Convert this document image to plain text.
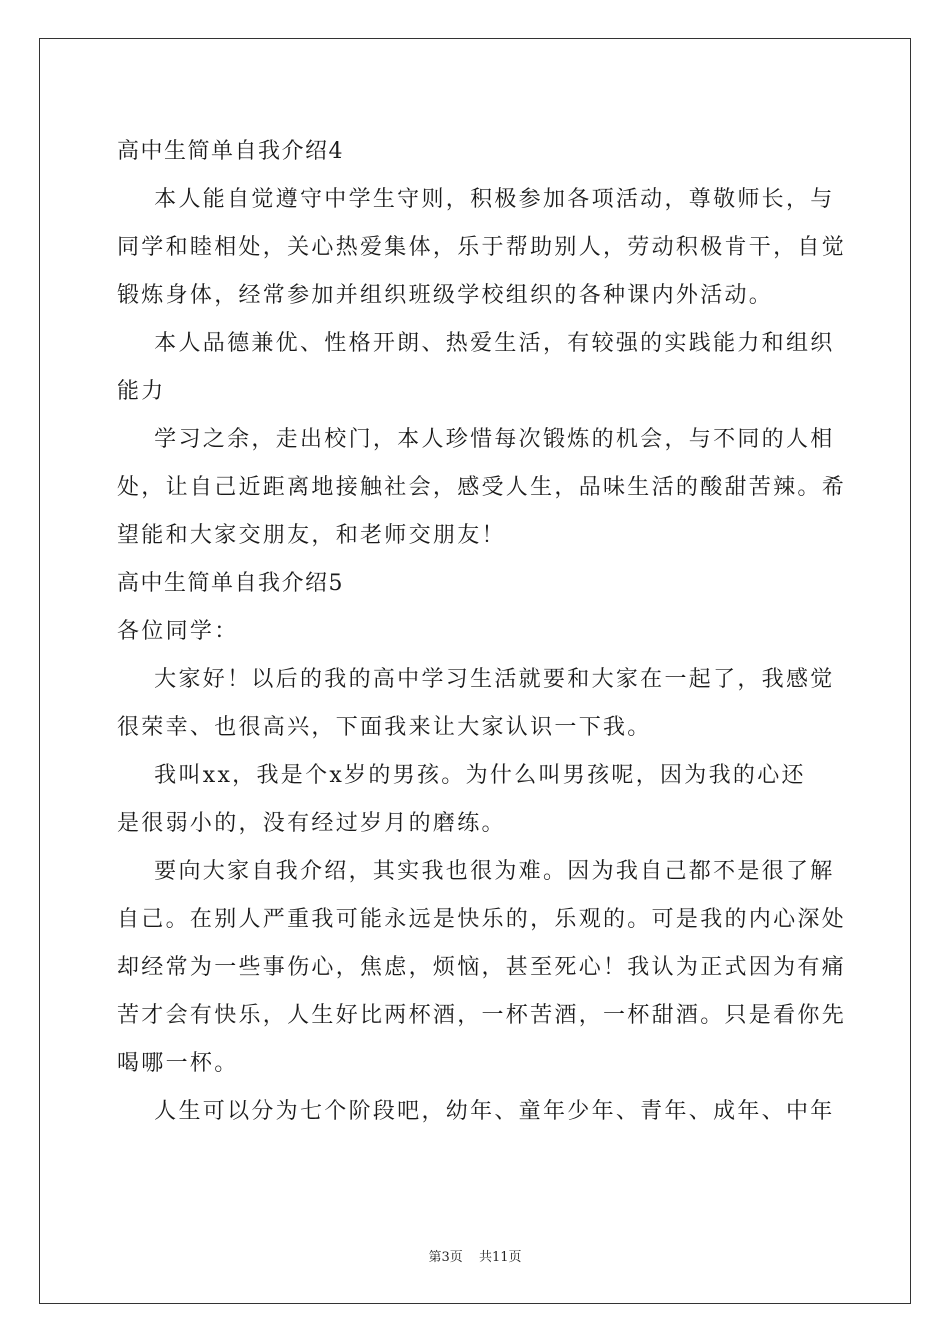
高中生简单自我介绍4
本人能自觉遵守中学生守则，积极参加各项活动，尊敬师长，与
同学和睦相处，关心热爱集体，乐于帮助别人，劳动积极肯干，自觉
锻炼身体，经常参加并组织班级学校组织的各种课内外活动。
本人品德兼优、性格开朗、热爱生活，有较强的实践能力和组织
能力
学习之余，走出校门，本人珍惜每次锻炼的机会，与不同的人相
处，让自己近距离地接触社会，感受人生，品味生活的酸甜苦辣。希
望能和大家交朋友，和老师交朋友！
高中生简单自我介绍5
各位同学：
大家好！以后的我的高中学习生活就要和大家在一起了，我感觉
很荣幸、也很高兴，下面我来让大家认识一下我。
我叫xx，我是个x岁的男孩。为什么叫男孩呢，因为我的心还
是很弱小的，没有经过岁月的磨练。
要向大家自我介绍，其实我也很为难。因为我自己都不是很了解
自己。在别人严重我可能永远是快乐的，乐观的。可是我的内心深处
却经常为一些事伤心，焦虑，烦恼，甚至死心！我认为正式因为有痛
苦才会有快乐，人生好比两杯酒，一杯苦酒，一杯甜酒。只是看你先
喝哪一杯。
人生可以分为七个阶段吧，幼年、童年少年、青年、成年、中年
第3页 共11页
